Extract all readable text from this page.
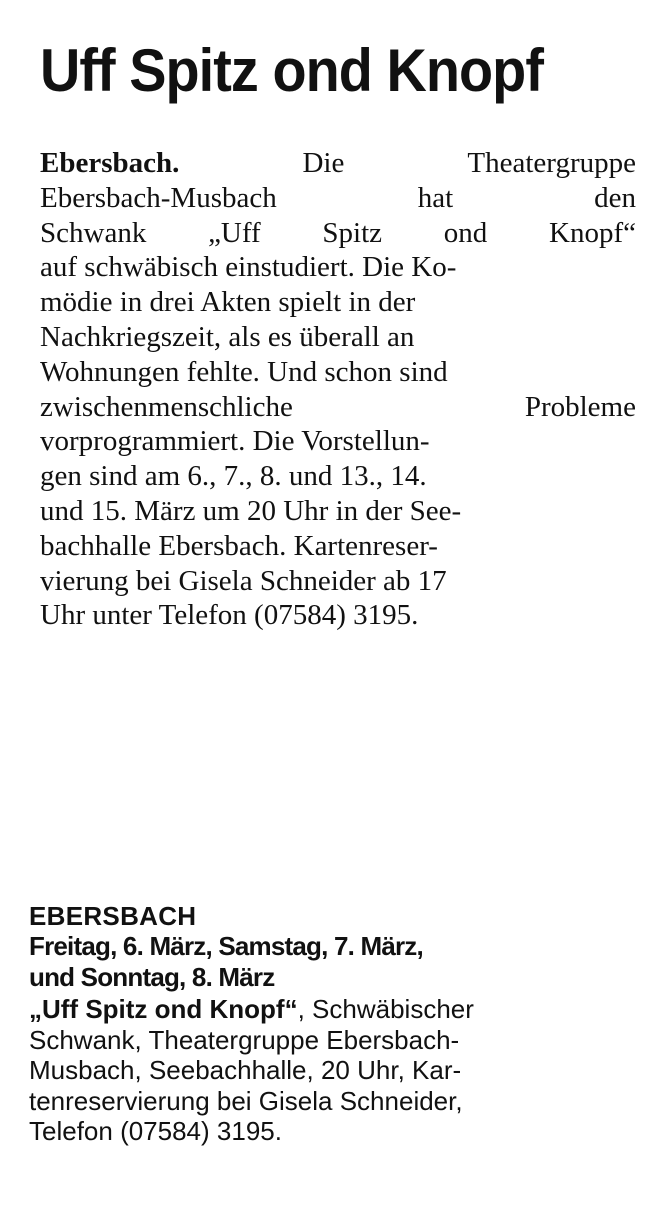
Uff Spitz ond Knopf
Ebersbach.	Die	Theatergruppe
Ebersbach-Musbach	hat	den
Schwank „Uff Spitz ond Knopf“
auf schwäbisch einstudiert. Die Ko-
mödie in drei Akten spielt in der
Nachkriegszeit, als es überall an
Wohnungen fehlte. Und schon sind
zwischenmenschliche	Probleme
vorprogrammiert. Die Vorstellun-
gen sind am 6., 7., 8. und 13., 14.
und 15. März um 20 Uhr in der See-
bachhalle Ebersbach. Kartenreser-
vierung bei Gisela Schneider ab 17
Uhr unter Telefon (07584) 3195.

EBERSBACH

Freitag, 6. März, Samstag, 7. März,
und Sonntag, 8. März

„Uff Spitz ond Knopf“, Schwäbischer
Schwank, Theatergruppe Ebersbach-
Musbach, Seebachhalle, 20 Uhr, Kar-
tenreservierung bei Gisela Schneider,
Telefon (07584) 3195.
